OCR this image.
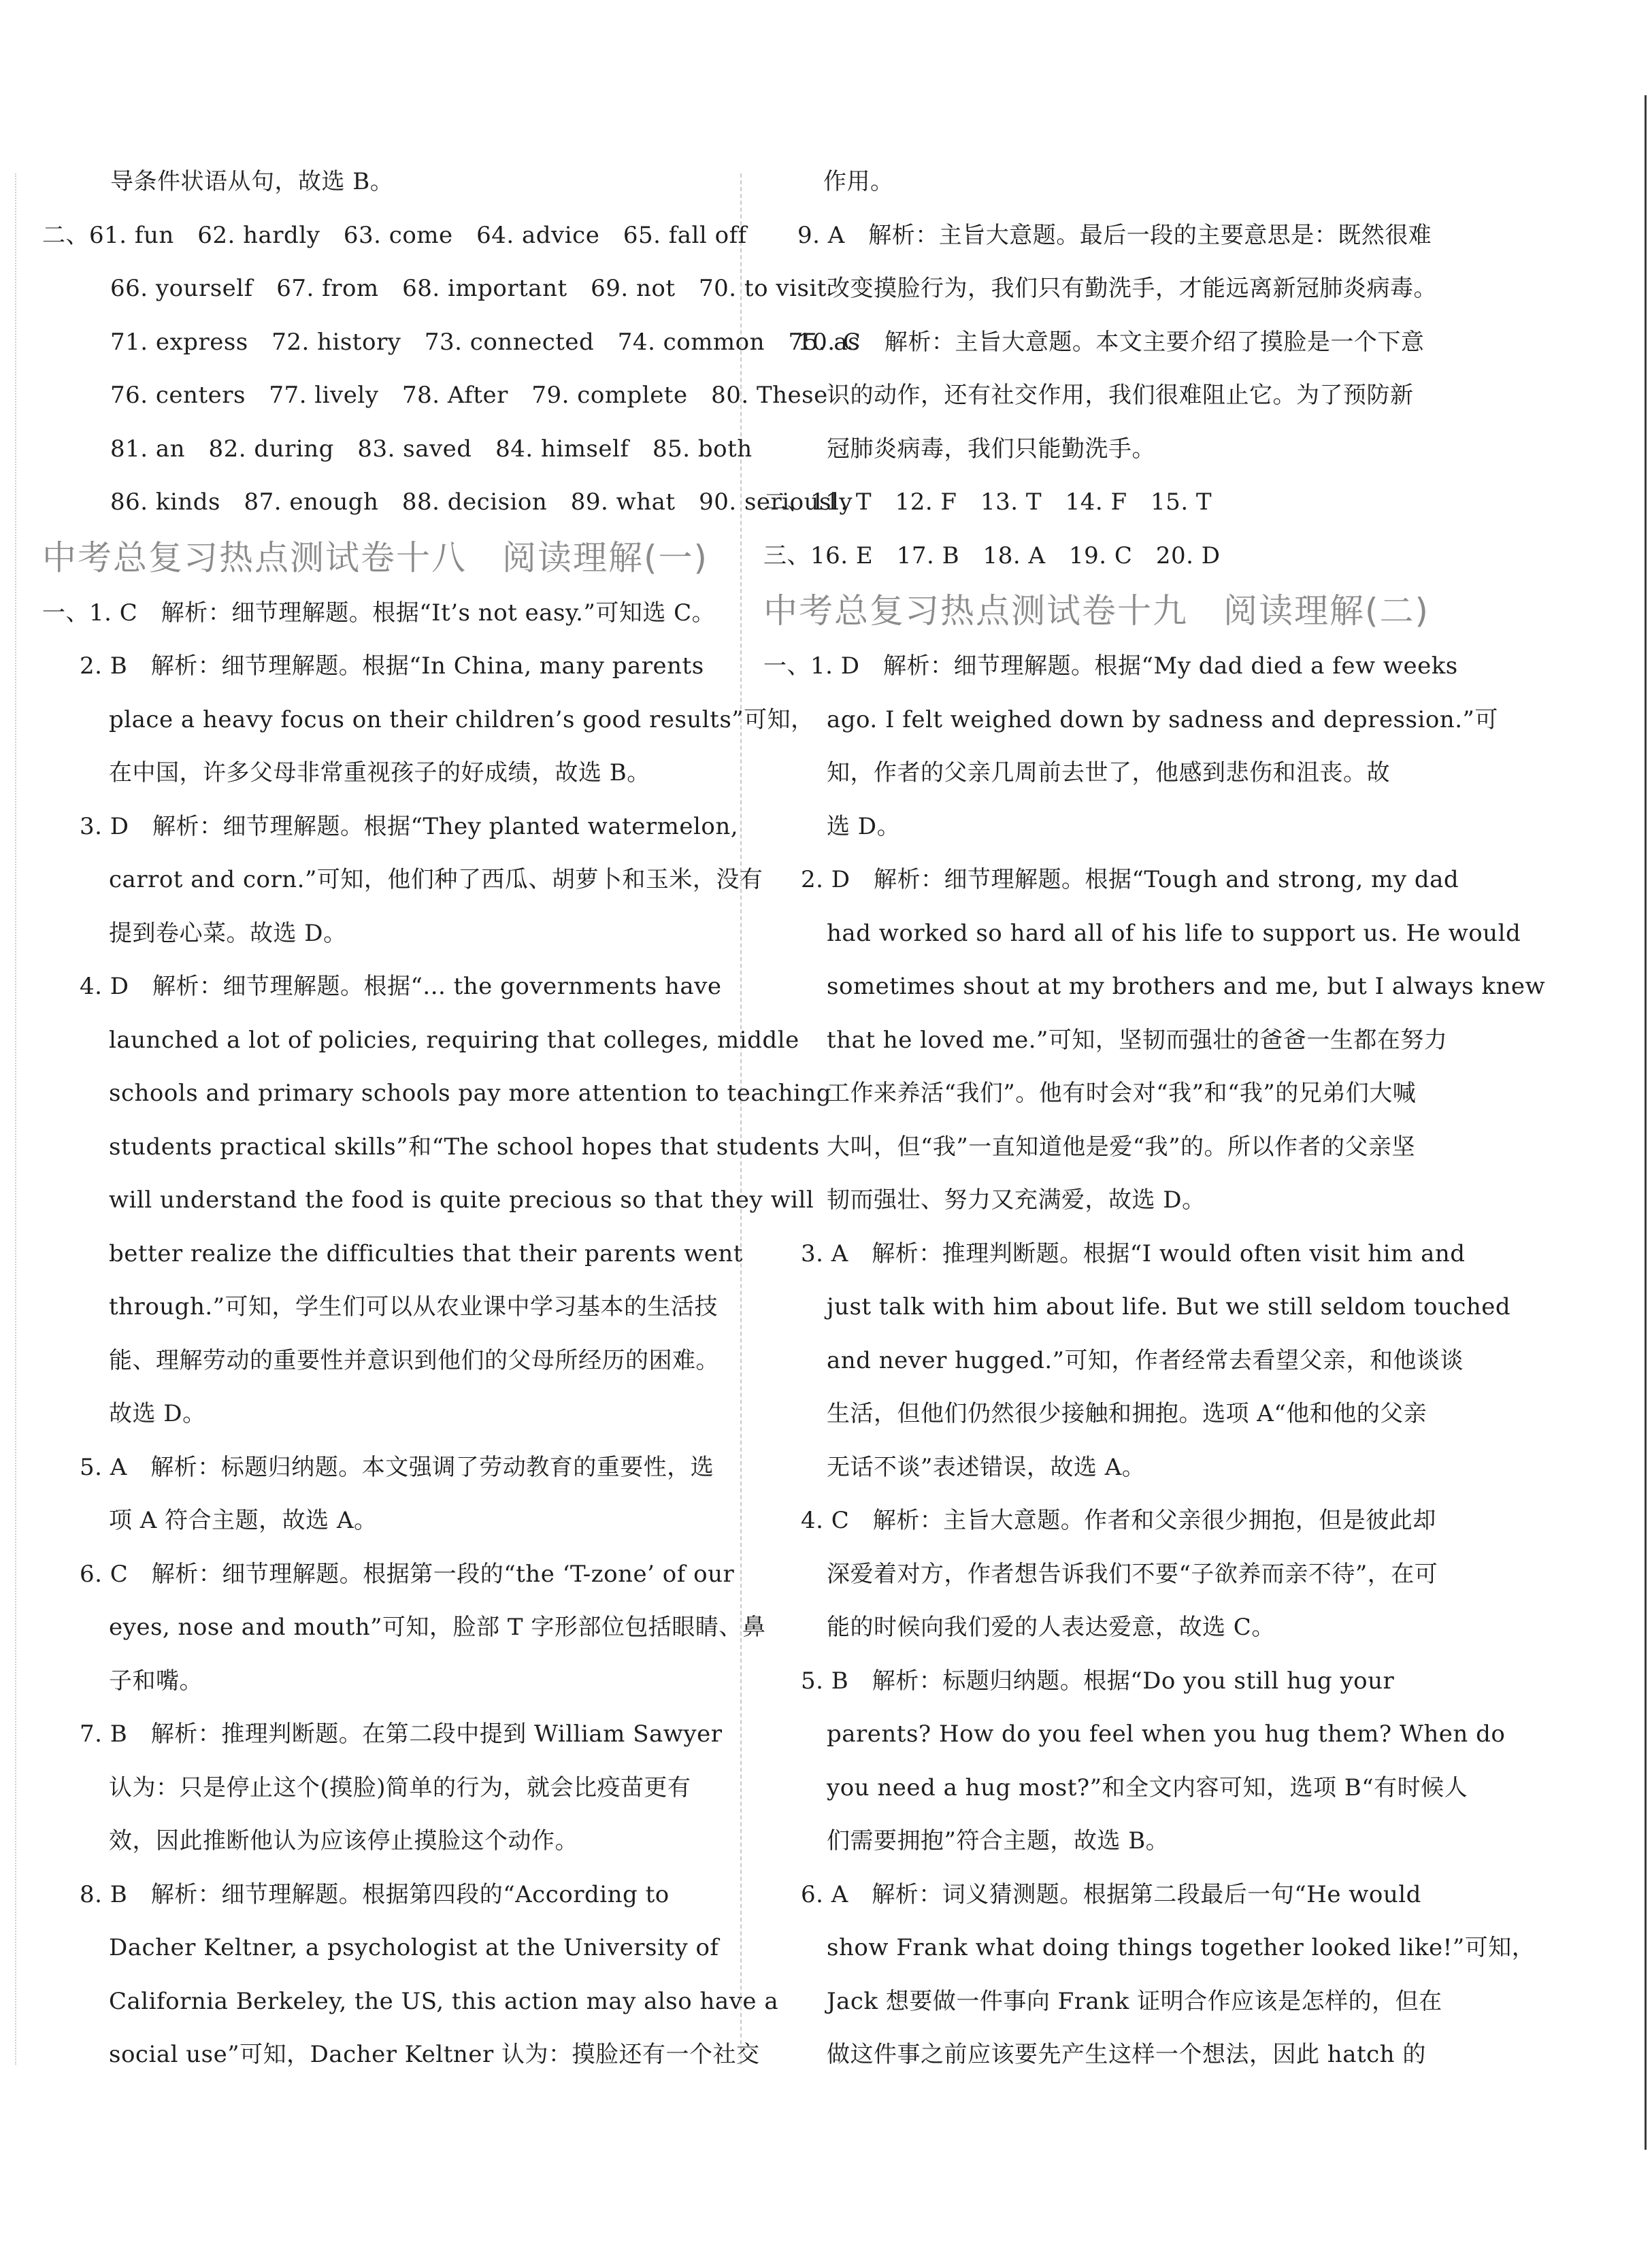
导条件状语从句，故选 B。
二、61. fun　62. hardly　63. come　64. advice　65. fall off
66. yourself　67. from　68. important　69. not　70. to visit
71. express　72. history　73. connected　74. common　75. as
76. centers　77. lively　78. After　79. complete　80. These
81. an　82. during　83. saved　84. himself　85. both
86. kinds　87. enough　88. decision　89. what　90. seriously
中考总复习热点测试卷十八　阅读理解(一)
一、1. C　解析：细节理解题。根据“It’s not easy.”可知选 C。
2. B　解析：细节理解题。根据“In China, many parents
place a heavy focus on their children’s good results”可知，
在中国，许多父母非常重视孩子的好成绩，故选 B。
3. D　解析：细节理解题。根据“They planted watermelon,
carrot and corn.”可知，他们种了西瓜、胡萝卜和玉米，没有
提到卷心菜。故选 D。
4. D　解析：细节理解题。根据“... the governments have
launched a lot of policies, requiring that colleges, middle
schools and primary schools pay more attention to teaching
students practical skills”和“The school hopes that students
will understand the food is quite precious so that they will
better realize the difficulties that their parents went
through.”可知，学生们可以从农业课中学习基本的生活技
能、理解劳动的重要性并意识到他们的父母所经历的困难。
故选 D。
5. A　解析：标题归纳题。本文强调了劳动教育的重要性，选
项 A 符合主题，故选 A。
6. C　解析：细节理解题。根据第一段的“the ‘T-zone’ of our
eyes, nose and mouth”可知，脸部 T 字形部位包括眼睛、鼻
子和嘴。
7. B　解析：推理判断题。在第二段中提到 William Sawyer
认为：只是停止这个(摸脸)简单的行为，就会比疫苗更有
效，因此推断他认为应该停止摸脸这个动作。
8. B　解析：细节理解题。根据第四段的“According to
Dacher Keltner, a psychologist at the University of
California Berkeley, the US, this action may also have a
social use”可知，Dacher Keltner 认为：摸脸还有一个社交
作用。
9. A　解析：主旨大意题。最后一段的主要意思是：既然很难
改变摸脸行为，我们只有勤洗手，才能远离新冠肺炎病毒。
10. C　解析：主旨大意题。本文主要介绍了摸脸是一个下意
识的动作，还有社交作用，我们很难阻止它。为了预防新
冠肺炎病毒，我们只能勤洗手。
二、11. T　12. F　13. T　14. F　15. T
三、16. E　17. B　18. A　19. C　20. D
中考总复习热点测试卷十九　阅读理解(二)
一、1. D　解析：细节理解题。根据“My dad died a few weeks
ago. I felt weighed down by sadness and depression.”可
知，作者的父亲几周前去世了，他感到悲伤和沮丧。故
选 D。
2. D　解析：细节理解题。根据“Tough and strong, my dad
had worked so hard all of his life to support us. He would
sometimes shout at my brothers and me, but I always knew
that he loved me.”可知，坚韧而强壮的爸爸一生都在努力
工作来养活“我们”。他有时会对“我”和“我”的兄弟们大喊
大叫，但“我”一直知道他是爱“我”的。所以作者的父亲坚
韧而强壮、努力又充满爱，故选 D。
3. A　解析：推理判断题。根据“I would often visit him and
just talk with him about life. But we still seldom touched
and never hugged.”可知，作者经常去看望父亲，和他谈谈
生活，但他们仍然很少接触和拥抱。选项 A“他和他的父亲
无话不谈”表述错误，故选 A。
4. C　解析：主旨大意题。作者和父亲很少拥抱，但是彼此却
深爱着对方，作者想告诉我们不要“子欲养而亲不待”，在可
能的时候向我们爱的人表达爱意，故选 C。
5. B　解析：标题归纳题。根据“Do you still hug your
parents? How do you feel when you hug them? When do
you need a hug most?”和全文内容可知，选项 B“有时候人
们需要拥抱”符合主题，故选 B。
6. A　解析：词义猜测题。根据第二段最后一句“He would
show Frank what doing things together looked like!”可知，
Jack 想要做一件事向 Frank 证明合作应该是怎样的，但在
做这件事之前应该要先产生这样一个想法，因此 hatch 的
